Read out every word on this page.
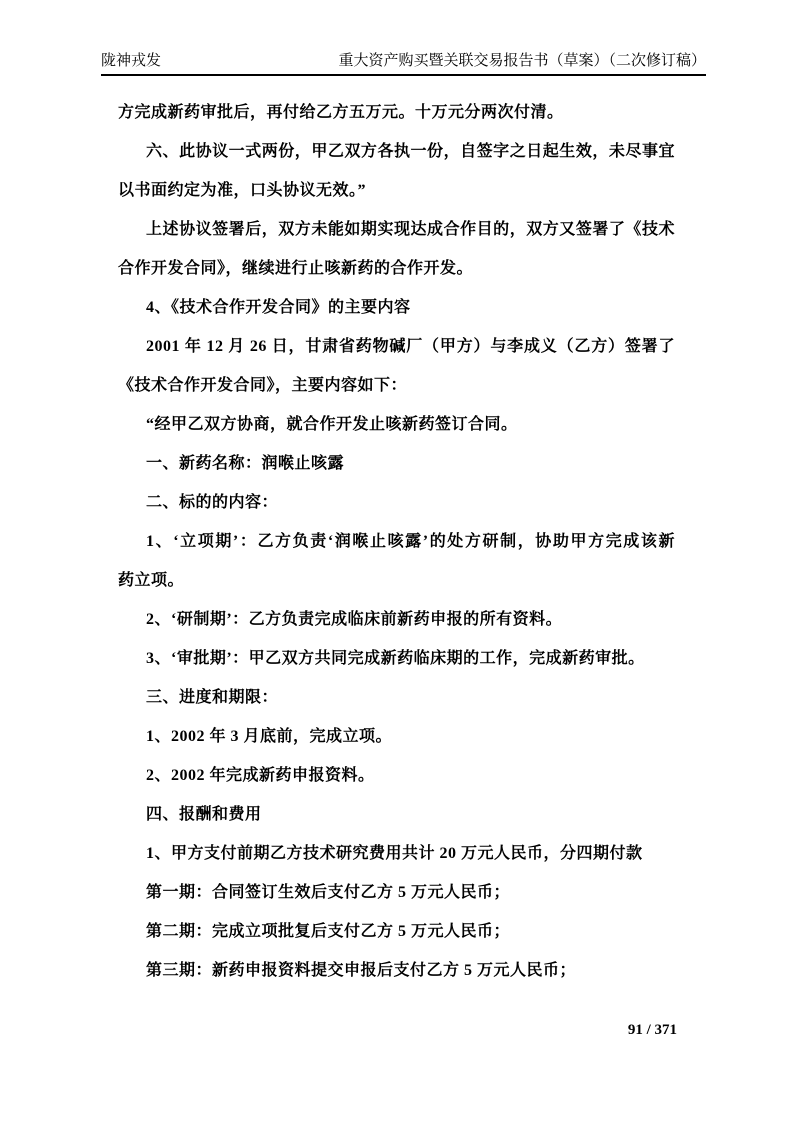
陇神戎发	重大资产购买暨关联交易报告书（草案）（二次修订稿）
方完成新药审批后，再付给乙方五万元。十万元分两次付清。
六、此协议一式两份，甲乙双方各执一份，自签字之日起生效，未尽事宜
以书面约定为准，口头协议无效。”
上述协议签署后，双方未能如期实现达成合作目的，双方又签署了《技术
合作开发合同》，继续进行止咳新药的合作开发。
4、《技术合作开发合同》的主要内容
2001 年 12 月 26 日，甘肃省药物碱厂（甲方）与李成义（乙方）签署了
《技术合作开发合同》，主要内容如下：
“经甲乙双方协商，就合作开发止咳新药签订合同。
一、新药名称：润喉止咳露
二、标的的内容：
1、‘立项期’：乙方负责‘润喉止咳露’的处方研制，协助甲方完成该新
药立项。
2、‘研制期’：乙方负责完成临床前新药申报的所有资料。
3、‘审批期’：甲乙双方共同完成新药临床期的工作，完成新药审批。
三、进度和期限：
1、2002 年 3 月底前，完成立项。
2、2002 年完成新药申报资料。
四、报酬和费用
1、甲方支付前期乙方技术研究费用共计 20 万元人民币，分四期付款
第一期：合同签订生效后支付乙方 5 万元人民币；
第二期：完成立项批复后支付乙方 5 万元人民币；
第三期：新药申报资料提交申报后支付乙方 5 万元人民币；
91 / 371
